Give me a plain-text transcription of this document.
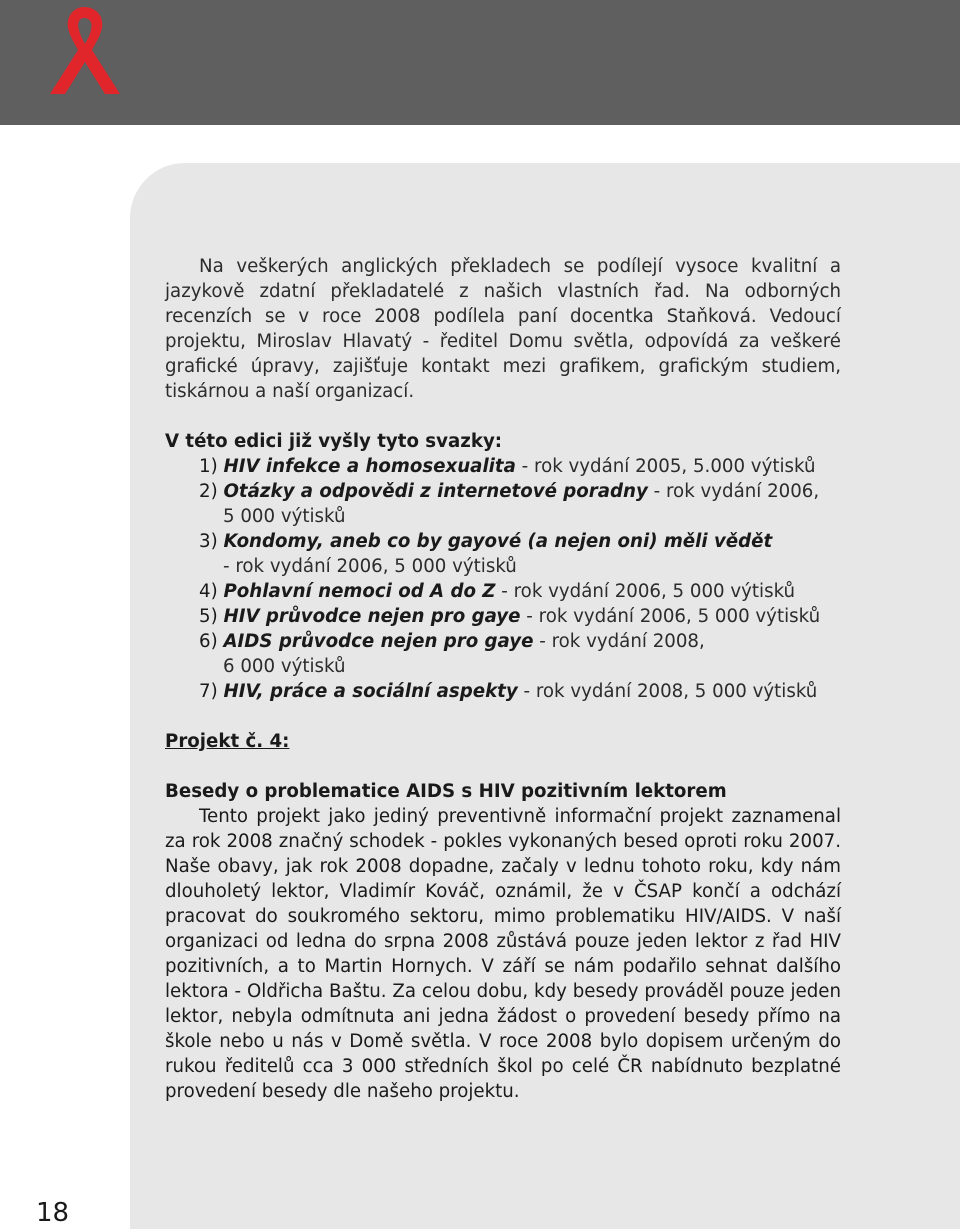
Na veškerých anglických překladech se podílejí vysoce kvalitní a jazykově zdatní překladatelé z našich vlastních řad. Na odborných recenzích se v roce 2008 podílela paní docentka Staňková. Vedoucí projektu, Miroslav Hlavatý - ředitel Domu světla, odpovídá za veškeré grafické úpravy, zajišťuje kontakt mezi grafikem, grafickým studiem, tiskárnou a naší organizací.

V této edici již vyšly tyto svazky:

1) HIV infekce a homosexualita - rok vydání 2005, 5.000 výtisků
2) Otázky a odpovědi z internetové poradny - rok vydání 2006,
5 000 výtisků
3) Kondomy, aneb co by gayové (a nejen oni) měli vědět
- rok vydání 2006, 5 000 výtisků
4) Pohlavní nemoci od A do Z - rok vydání 2006, 5 000 výtisků
5) HIV průvodce nejen pro gaye - rok vydání 2006, 5 000 výtisků
6) AIDS průvodce nejen pro gaye - rok vydání 2008,
6 000 výtisků
7) HIV, práce a sociální aspekty - rok vydání 2008, 5 000 výtisků

Projekt č. 4:

Besedy o problematice AIDS s HIV pozitivním lektorem

Tento projekt jako jediný preventivně informační projekt zaznamenal za rok 2008 značný schodek - pokles vykonaných besed oproti roku 2007. Naše obavy, jak rok 2008 dopadne, začaly v lednu tohoto roku, kdy nám dlouholetý lektor, Vladimír Kováč, oznámil, že v ČSAP končí a odchází pracovat do soukromého sektoru, mimo problematiku HIV/AIDS. V naší organizaci od ledna do srpna 2008 zůstává pouze jeden lektor z řad HIV pozitivních, a to Martin Hornych. V září se nám podařilo sehnat dalšího lektora - Oldřicha Baštu. Za celou dobu, kdy besedy prováděl pouze jeden lektor, nebyla odmítnuta ani jedna žádost o provedení besedy přímo na škole nebo u nás v Domě světla. V roce 2008 bylo dopisem určeným do rukou ředitelů cca 3 000 středních škol po celé ČR nabídnuto bezplatné provedení besedy dle našeho projektu.

18
